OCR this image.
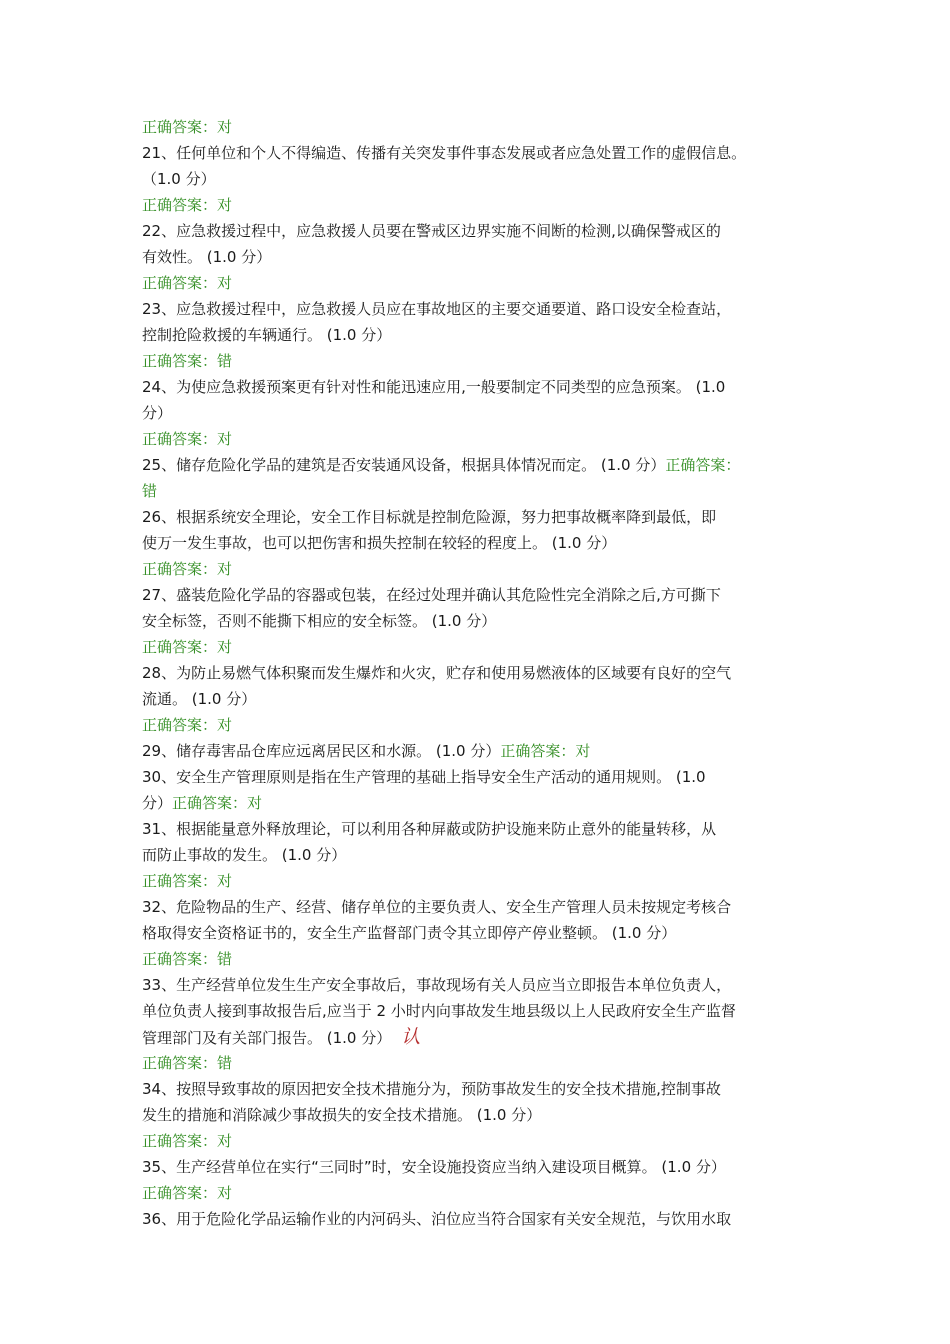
正确答案：对
21、任何单位和个人不得编造、传播有关突发事件事态发展或者应急处置工作的虚假信息。
（1.0 分）
正确答案：对
22、应急救援过程中，应急救援人员要在警戒区边界实施不间断的检测,以确保警戒区的
有效性。 (1.0 分）
正确答案：对
23、应急救援过程中，应急救援人员应在事故地区的主要交通要道、路口设安全检查站，
控制抢险救援的车辆通行。 (1.0 分）
正确答案：错
24、为使应急救援预案更有针对性和能迅速应用,一般要制定不同类型的应急预案。 (1.0
分）
正确答案：对
25、储存危险化学品的建筑是否安装通风设备，根据具体情况而定。 (1.0 分）正确答案：
错
26、根据系统安全理论，安全工作目标就是控制危险源，努力把事故概率降到最低，即
使万一发生事故，也可以把伤害和损失控制在较轻的程度上。 (1.0 分）
正确答案：对
27、盛装危险化学品的容器或包装，在经过处理并确认其危险性完全消除之后,方可撕下
安全标签，否则不能撕下相应的安全标签。 (1.0 分）
正确答案：对
28、为防止易燃气体积聚而发生爆炸和火灾，贮存和使用易燃液体的区域要有良好的空气
流通。 (1.0 分）
正确答案：对
29、储存毒害品仓库应远离居民区和水源。 (1.0 分）正确答案：对
30、安全生产管理原则是指在生产管理的基础上指导安全生产活动的通用规则。 (1.0
分）正确答案：对
31、根据能量意外释放理论，可以利用各种屏蔽或防护设施来防止意外的能量转移，从
而防止事故的发生。 (1.0 分）
正确答案：对
32、危险物品的生产、经营、储存单位的主要负责人、安全生产管理人员未按规定考核合
格取得安全资格证书的，安全生产监督部门责令其立即停产停业整顿。 (1.0 分）
正确答案：错
33、生产经营单位发生生产安全事故后，事故现场有关人员应当立即报告本单位负责人，
单位负责人接到事故报告后,应当于 2 小时内向事故发生地县级以上人民政府安全生产监督
管理部门及有关部门报告。 (1.0 分） 认
正确答案：错
34、按照导致事故的原因把安全技术措施分为，预防事故发生的安全技术措施,控制事故
发生的措施和消除减少事故损失的安全技术措施。 (1.0 分）
正确答案：对
35、生产经营单位在实行“三同时”时，安全设施投资应当纳入建设项目概算。 (1.0 分）
正确答案：对
36、用于危险化学品运输作业的内河码头、泊位应当符合国家有关安全规范，与饮用水取
